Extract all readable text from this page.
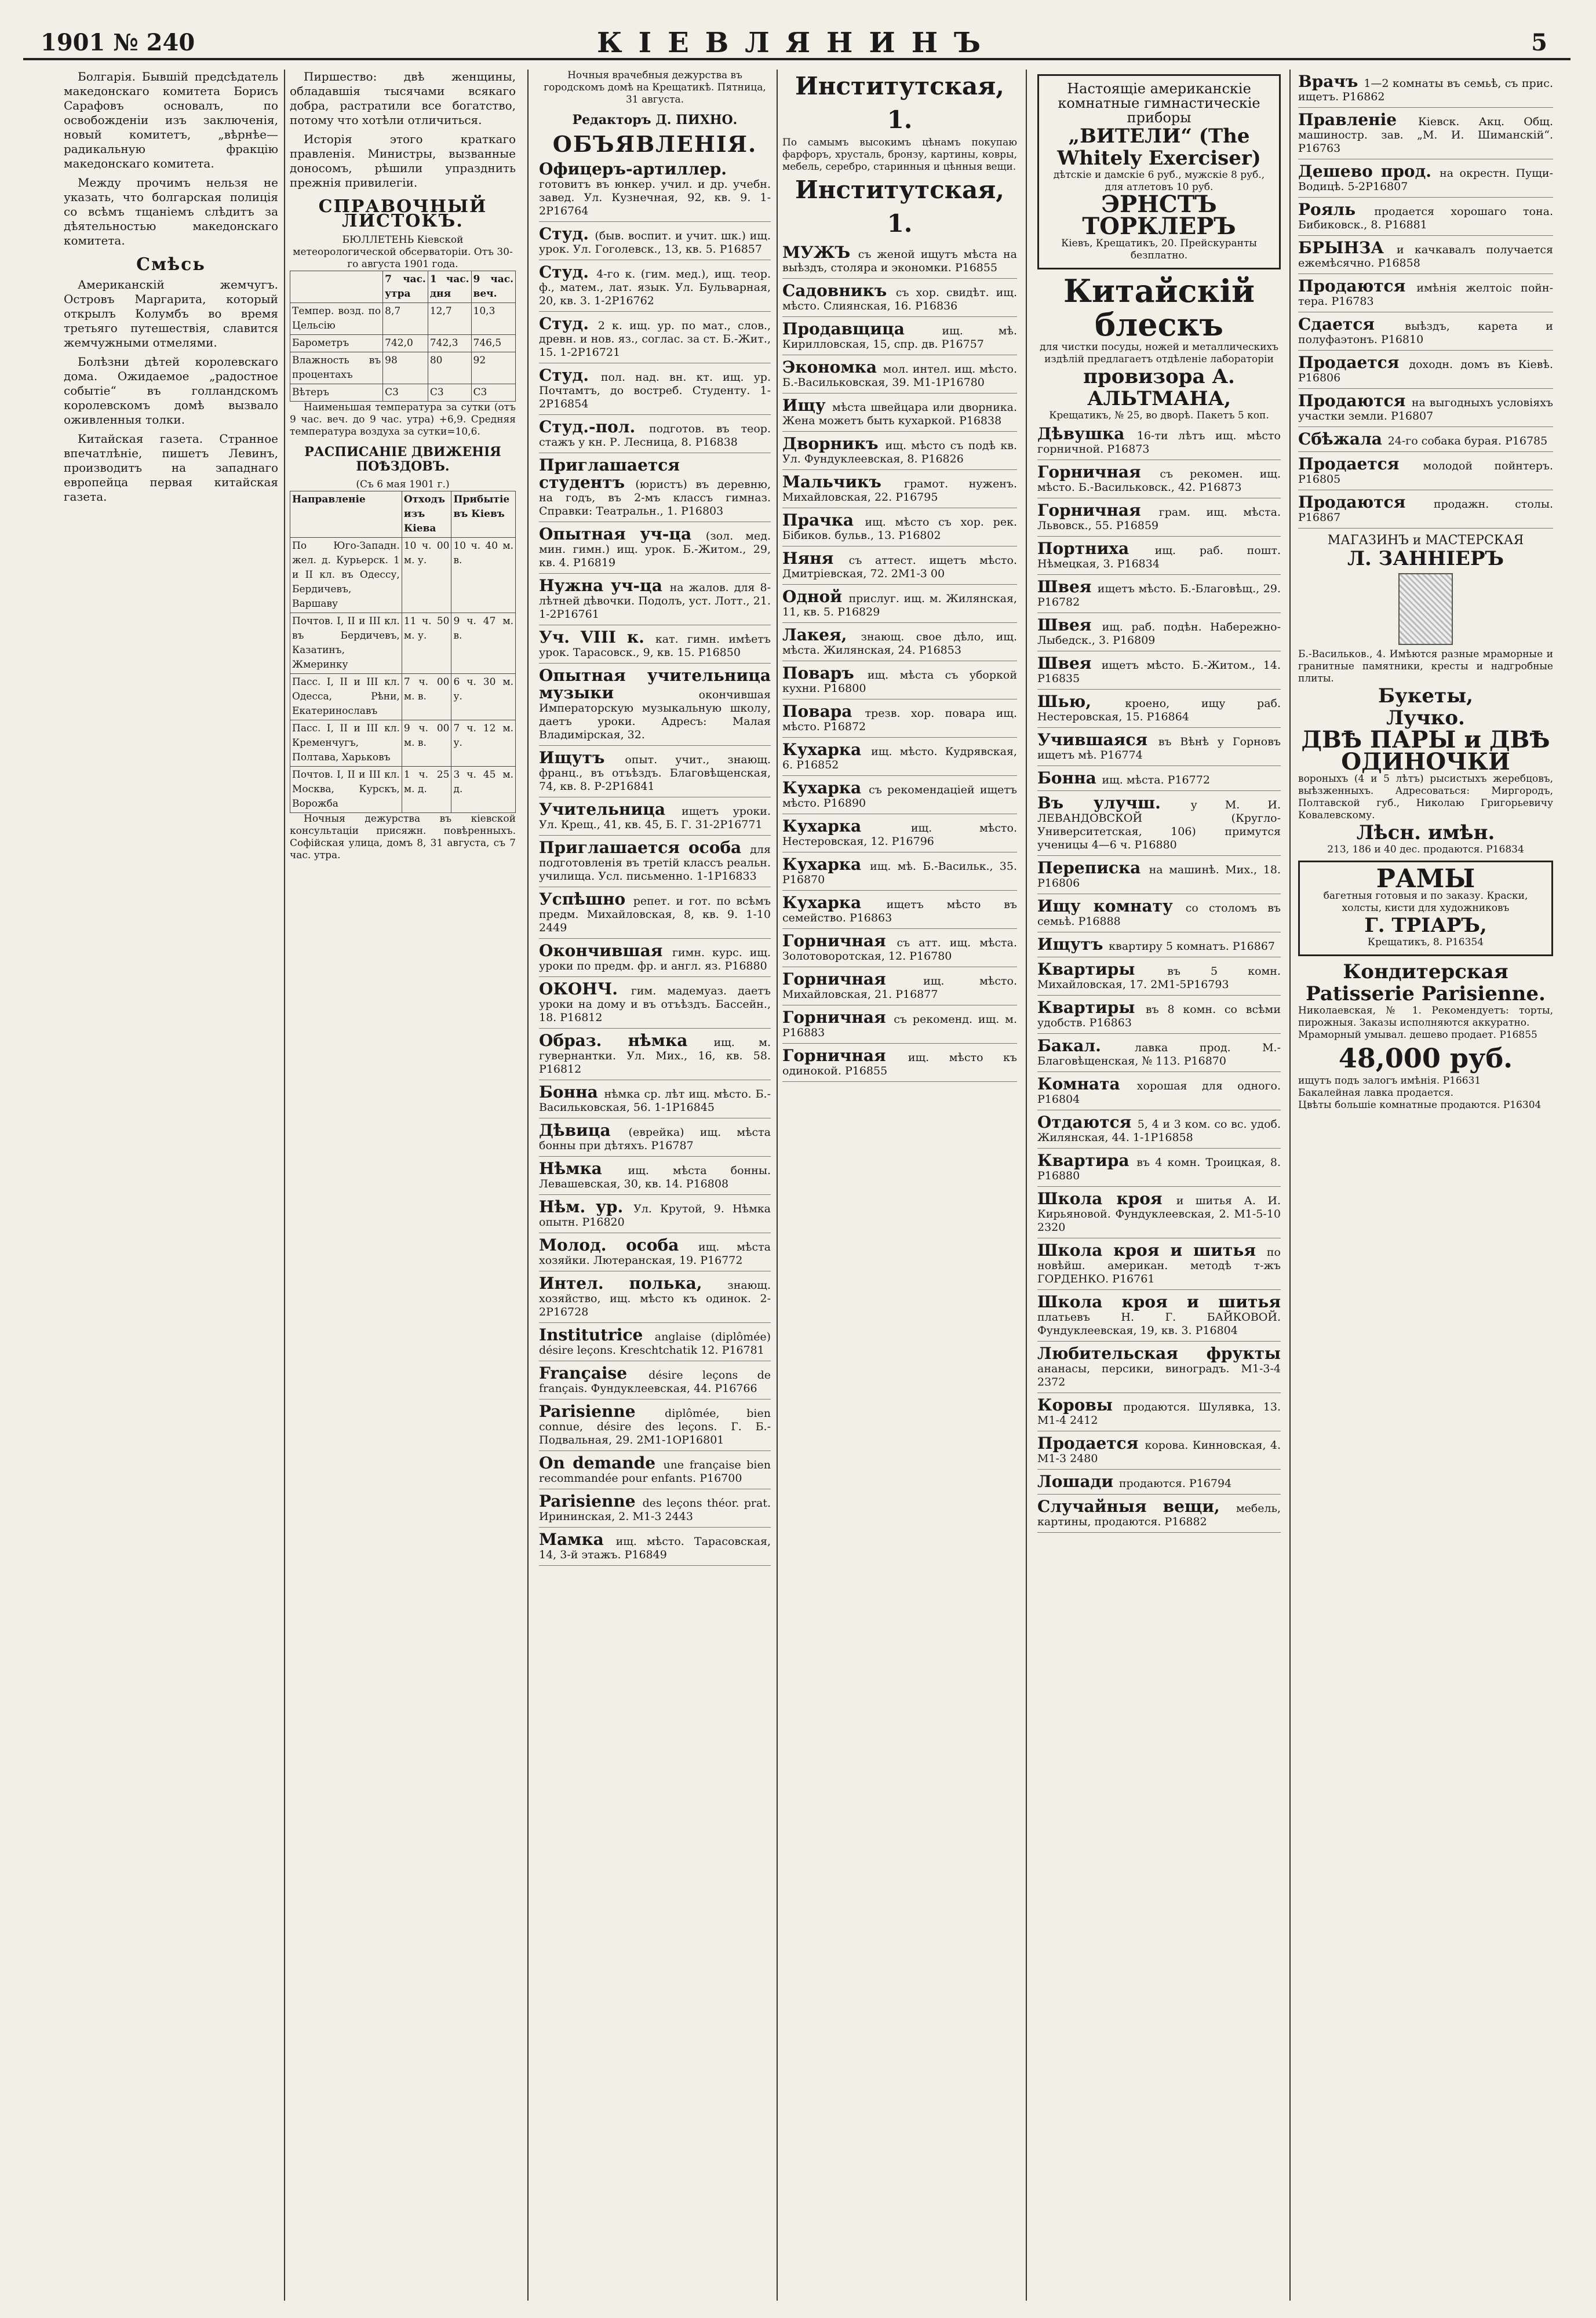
1901 № 240	КІЕВЛЯНИНЪ	5

Болгарія. Бывшій предсѣдатель македонскаго комитета Борисъ Сарафовъ основалъ, по освобожденіи изъ заключенія, новый комитетъ, „вѣрнѣе—радикальную фракцію македонскаго комитета.

Между прочимъ нельзя не указать, что болгарская полиція со всѣмъ тщаніемъ слѣдитъ за дѣятельностью македонскаго комитета.

Смѣсь

Американскій жемчугъ. Островъ Маргарита, который открылъ Колумбъ во время третьяго путешествія, славится жемчужными отмелями.

Болѣзни дѣтей королевскаго дома. Ожидаемое „радостное событіе“ въ голландскомъ королевскомъ домѣ вызвало оживленныя толки.

Китайская газета. Странное впечатлѣніе, пишетъ Левинъ, производитъ на западнаго европейца первая китайская газета.

Пиршество: двѣ женщины, обладавшія тысячами всякаго добра, растратили все богатство, потому что хотѣли отличиться.

Исторія этого краткаго правленія. Министры, вызванные доносомъ, рѣшили упразднить прежнія привилегіи.

СПРАВОЧНЫЙ ЛИСТОКЪ.
БЮЛЛЕТЕНЬ Кіевской метеорологической обсерваторіи. Отъ 30-го августа 1901 года.
	7 час. утра	1 час. дня	9 час. веч.
Темпер. возд. по Цельсію	8,7	12,7	10,3
Барометръ	742,0	742,3	746,5
Влажность въ процентахъ	98	80	92
Вѣтеръ	С3	С3	С3

Наименьшая температура за сутки (отъ 9 час. веч. до 9 час. утра) +6,9. Средняя температура воздуха за сутки=10,6.

РАСПИСАНІЕ ДВИЖЕНІЯ ПОѢЗДОВЪ.
(Съ 6 мая 1901 г.)
Направленіе	Отходъ изъ Кіева	Прибытіе въ Кіевъ
По Юго-Западн. жел. д. Курьерск. 1 и II кл. въ Одессу, Бердичевъ, Варшаву	10 ч. 00 м. у.	10 ч. 40 м. в.
Почтов. I, II и III кл. въ Бердичевъ, Казатинъ, Жмеринку	11 ч. 50 м. у.	9 ч. 47 м. в.
Пасс. I, II и III кл. Одесса, Рѣни, Екатеринославъ	7 ч. 00 м. в.	6 ч. 30 м. у.
Пасс. I, II и III кл. Кременчугъ, Полтава, Харьковъ	9 ч. 00 м. в.	7 ч. 12 м. у.
Почтов. I, II и III кл. Москва, Курскъ, Ворожба	1 ч. 25 м. д.	3 ч. 45 м. д.

Ночныя дежурства въ кіевской консультаціи присяжн. повѣренныхъ. Софійская улица, домъ 8, 31 августа, съ 7 час. утра.

Ночныя врачебныя дежурства въ городскомъ домѣ на Крещатикѣ. Пятница, 31 августа.
Редакторъ Д. ПИХНО.
ОБЪЯВЛЕНІЯ.
Офицеръ-артиллер. готовитъ въ юнкер. учил. и др. учебн. завед. Ул. Кузнечная, 92, кв. 9. 1-2Р16764
Студ. (быв. воспит. и учит. шк.) ищ. урок. Ул. Гоголевск., 13, кв. 5. Р16857
Студ. 4-го к. (гим. мед.), ищ. теор. ф., матем., лат. язык. Ул. Бульварная, 20, кв. 3. 1-2Р16762
Студ. 2 к. ищ. ур. по мат., слов., древн. и нов. яз., соглас. за ст. Б.-Жит., 15. 1-2Р16721
Студ. пол. над. вн. кт. ищ. ур. Почтамтъ, до востреб. Студенту. 1-2Р16854
Студ.-пол. подготов. въ теор. стажъ у кн. Р. Лесница, 8. Р16838
Приглашается студентъ (юристъ) въ деревню, на годъ, въ 2-мъ классъ гимназ. Справки: Театральн., 1. Р16803
Опытная уч-ца (зол. мед. мин. гимн.) ищ. урок. Б.-Житом., 29, кв. 4. Р16819
Нужна уч-ца на жалов. для 8-лѣтней дѣвочки. Подолъ, уст. Лотт., 21. 1-2Р16761
Уч. VIII к. кат. гимн. имѣетъ урок. Тарасовск., 9, кв. 15. Р16850
Опытная учительница музыки окончившая Императорскую музыкальную школу, даетъ уроки. Адресъ: Малая Владимірская, 32.
Ищутъ опыт. учит., знающ. франц., въ отъѣздъ. Благовѣщенская, 74, кв. 8. Р-2Р16841
Учительница ищетъ уроки. Ул. Крещ., 41, кв. 45, Б. Г. 31-2Р16771
Приглашается особа для подготовленія въ третій классъ реальн. училища. Усл. письменно. 1-1Р16833
Успѣшно репет. и гот. по всѣмъ предм. Михайловская, 8, кв. 9. 1-10 2449
Окончившая гимн. курс. ищ. уроки по предм. фр. и англ. яз. Р16880
ОКОНЧ. гим. мадемуаз. даетъ уроки на дому и въ отъѣздъ. Бассейн., 18. Р16812
Образ. нѣмка ищ. м. гувернантки. Ул. Мих., 16, кв. 58. Р16812
Бонна нѣмка ср. лѣт ищ. мѣсто. Б.-Васильковская, 56. 1-1Р16845
Дѣвица (еврейка) ищ. мѣста бонны при дѣтяхъ. Р16787
Нѣмка ищ. мѣста бонны. Левашевская, 30, кв. 14. Р16808
Нѣм. ур. Ул. Крутой, 9. Нѣмка опытн. Р16820
Молод. особа ищ. мѣста хозяйки. Лютеранская, 19. Р16772
Интел. полька, знающ. хозяйство, ищ. мѣсто къ одинок. 2-2Р16728
Institutrice anglaise (diplômée) désire leçons. Kreschtchatik 12. Р16781
Française désire leçons de français. Фундуклеевская, 44. Р16766
Parisienne diplômée, bien connue, désire des leçons. Г. Б.-Подвальная, 29. 2М1-1ОР16801
On demande une française bien recommandée pour enfants. Р16700
Parisienne des leçons théor. prat. Ирининская, 2. М1-3 2443
Мамка ищ. мѣсто. Тарасовская, 14, 3-й этажъ. Р16849
Институтская, 1.
По самымъ высокимъ цѣнамъ покупаю фарфоръ, хрусталь, бронзу, картины, ковры, мебель, серебро, старинныя и цѣнныя вещи.
Институтская, 1.
МУЖЪ съ женой ищутъ мѣста на выѣздъ, столяра и экономки. Р16855
Садовникъ съ хор. свидѣт. ищ. мѣсто. Слиянская, 16. Р16836
Продавщица ищ. мѣ. Кирилловская, 15, спр. дв. Р16757
Экономка мол. интел. ищ. мѣсто. Б.-Васильковская, 39. М1-1Р16780
Ищу мѣста швейцара или дворника. Жена можетъ быть кухаркой. Р16838
Дворникъ ищ. мѣсто съ подѣ кв. Ул. Фундуклеевская, 8. Р16826
Мальчикъ грамот. нуженъ. Михайловская, 22. Р16795
Прачка ищ. мѣсто съ хор. рек. Бібиков. бульв., 13. Р16802
Няня съ аттест. ищетъ мѣсто. Дмитріевская, 72. 2М1-3 00
Одной прислуг. ищ. м. Жилянская, 11, кв. 5. Р16829
Лакея, знающ. свое дѣло, ищ. мѣста. Жилянская, 24. Р16853
Поваръ ищ. мѣста съ уборкой кухни. Р16800
Повара трезв. хор. повара ищ. мѣсто. Р16872
Кухарка ищ. мѣсто. Кудрявская, 6. Р16852
Кухарка съ рекомендаціей ищетъ мѣсто. Р16890
Кухарка ищ. мѣсто. Нестеровская, 12. Р16796
Кухарка ищ. мѣ. Б.-Васильк., 35. Р16870
Кухарка ищетъ мѣсто въ семейство. Р16863
Горничная съ атт. ищ. мѣста. Золотоворотская, 12. Р16780
Горничная ищ. мѣсто. Михайловская, 21. Р16877
Горничная съ рекоменд. ищ. м. Р16883
Горничная ищ. мѣсто къ одинокой. Р16855
Настоящіе американскіе комнатные гимнастическіе приборы
„ВИТЕЛИ“ (The Whitely Exerciser)
дѣтскіе и дамскіе 6 руб., мужскіе 8 руб., для атлетовъ 10 руб.
ЭРНСТЪ ТОРКЛЕРЪ
Кіевъ, Крещатикъ, 20. Прейскуранты безплатно.
Китайскій блескъ
для чистки посуды, ножей и металлическихъ издѣлій предлагаетъ отдѣленіе лабораторіи
провизора А. АЛЬТМАНА,
Крещатикъ, № 25, во дворѣ. Пакетъ 5 коп.
Дѣвушка 16-ти лѣтъ ищ. мѣсто горничной. Р16873
Горничная съ рекомен. ищ. мѣсто. Б.-Васильковск., 42. Р16873
Горничная грам. ищ. мѣста. Львовск., 55. Р16859
Портниха ищ. раб. пошт. Нѣмецкая, 3. Р16834
Швея ищетъ мѣсто. Б.-Благовѣщ., 29. Р16782
Швея ищ. раб. подѣн. Набережно-Лыбедск., 3. Р16809
Швея ищетъ мѣсто. Б.-Житом., 14. Р16835
Шью, кроено, ищу раб. Нестеровская, 15. Р16864
Учившаяся въ Вѣнѣ у Горновъ ищетъ мѣ. Р16774
Бонна ищ. мѣста. Р16772
Въ улучш. у М. И. ЛЕВАНДОВСКОЙ (Кругло-Университетская, 106) примутся ученицы 4—6 ч. Р16880
Переписка на машинѣ. Мих., 18. Р16806
Ищу комнату со столомъ въ семьѣ. Р16888
Ищутъ квартиру 5 комнатъ. Р16867
Квартиры въ 5 комн. Михайловская, 17. 2М1-5Р16793
Квартиры въ 8 комн. со всѣми удобств. Р16863
Бакал. лавка прод. М.-Благовѣщенская, № 113. Р16870
Комната хорошая для одного. Р16804
Отдаются 5, 4 и 3 ком. со вс. удоб. Жилянская, 44. 1-1Р16858
Квартира въ 4 комн. Троицкая, 8. Р16880
Школа кроя и шитья А. И. Кирьяновой. Фундуклеевская, 2. М1-5-10 2320
Школа кроя и шитья по новѣйш. американ. методѣ т-жъ ГОРДЕНКО. Р16761
Школа кроя и шитья платьевъ Н. Г. БАЙКОВОЙ. Фундуклеевская, 19, кв. 3. Р16804
Любительская фрукты ананасы, персики, виноградъ. М1-3-4 2372
Коровы продаются. Шулявка, 13. М1-4 2412
Продается корова. Кинновская, 4. М1-3 2480
Лошади продаются. Р16794
Случайныя вещи, мебель, картины, продаются. Р16882
Врачъ 1—2 комнаты въ семьѣ, съ прис. ищетъ. Р16862
Правленіе Кіевск. Акц. Общ. машиностр. зав. „М. И. Шиманскій“. Р16763
Дешево прод. на окрестн. Пущи-Водицѣ. 5-2Р16807
Рояль продается хорошаго тона. Бибиковск., 8. Р16881
БРЫНЗА и качкавалъ получается ежемѣсячно. Р16858
Продаются имѣнія желтоіс пойн-тера. Р16783
Сдается выѣздъ, карета и полуфаэтонъ. Р16810
Продается доходн. домъ въ Кіевѣ. Р16806
Продаются на выгодныхъ условіяхъ участки земли. Р16807
Сбѣжала 24-го собака бурая. Р16785
Продается молодой пойнтеръ. Р16805
Продаются продажн. столы. Р16867
МАГАЗИНЪ и МАСТЕРСКАЯ
Л. ЗАННІЕРЪ
Б.-Васильков., 4. Имѣются разные мраморные и гранитные памятники, кресты и надгробные плиты.
Букеты,
Лучко.
ДВѢ ПАРЫ и ДВѢ ОДИНОЧКИ
вороныхъ (4 и 5 лѣтъ) рысистыхъ жеребцовъ, выѣзженныхъ. Адресоваться: Миргородъ, Полтавской губ., Николаю Григорьевичу Ковалевскому.
Лѣсн. имѣн.
213, 186 и 40 дес. продаются. Р16834
РАМЫ
багетныя готовыя и по заказу. Краски, холсты, кисти для художниковъ
Г. ТРІАРЪ,
Крещатикъ, 8. Р16354
Кондитерская Patisserie Parisienne.
Николаевская, № 1. Рекомендуетъ: торты, пирожныя. Заказы исполняются аккуратно.
Мраморный умывал. дешево продает. Р16855
48,000 руб.
ищутъ подъ залогъ имѣнія. Р16631
Бакалейная лавка продается.
Цвѣты большіе комнатные продаются. Р16304
